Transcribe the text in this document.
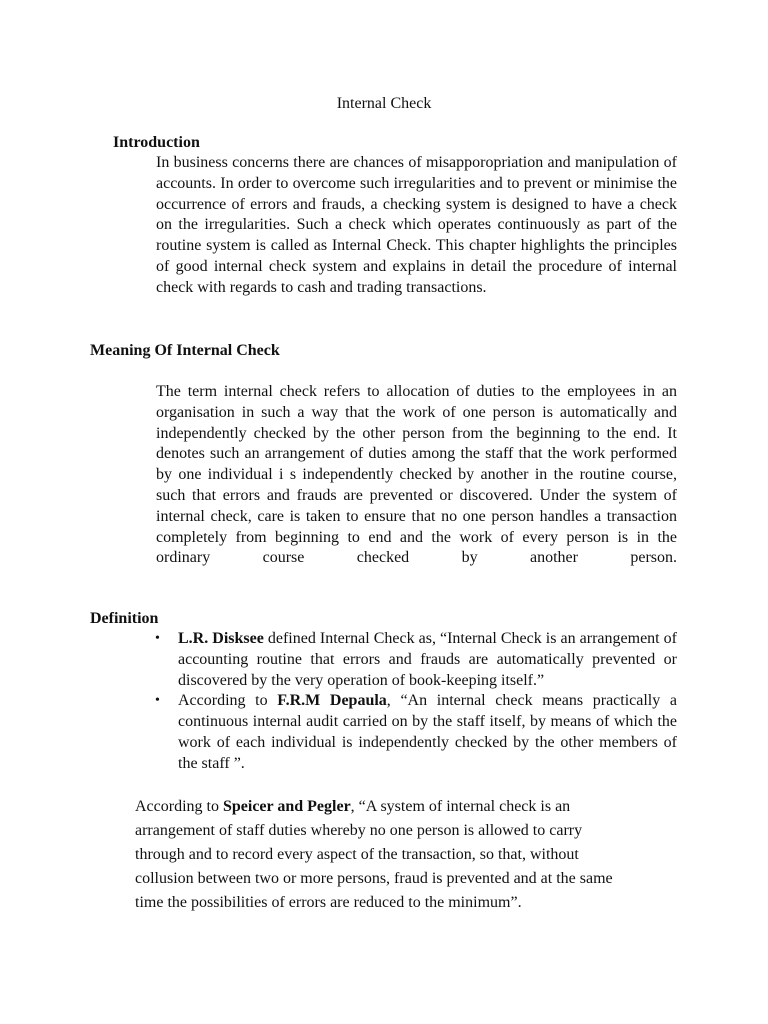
Internal Check
Introduction
In business concerns there are chances of misapporopriation and manipulation of accounts. In order to overcome such irregularities and to prevent or minimise the occurrence of errors and frauds, a checking system is designed to have a check on the irregularities. Such a check which operates continuously as part of the routine system is called as Internal Check. This chapter highlights the principles of good internal check system and explains in detail the procedure of internal check with regards to cash and trading transactions.
Meaning Of Internal Check
The term internal check refers to allocation of duties to the employees in an organisation in such a way that the work of one person is automatically and independently checked by the other person from the beginning to the end. It denotes such an arrangement of duties among the staff that the work performed by one individual i s independently checked by another in the routine course, such that errors and frauds are prevented or discovered. Under the system of internal check, care is taken to ensure that no one person handles a transaction completely from beginning to end and the work of every person is in the ordinary course checked by another person.
Definition
• L.R. Disksee defined Internal Check as, “Internal Check is an arrangement of accounting routine that errors and frauds are automatically prevented or discovered by the very operation of book-keeping itself.”
• According to F.R.M Depaula, “An internal check means practically a continuous internal audit carried on by the staff itself, by means of which the work of each individual is independently checked by the other members of the staff ”.
According to Speicer and Pegler, “A system of internal check is an
arrangement of staff duties whereby no one person is allowed to carry
through and to record every aspect of the transaction, so that, without
collusion between two or more persons, fraud is prevented and at the same
time the possibilities of errors are reduced to the minimum”.
